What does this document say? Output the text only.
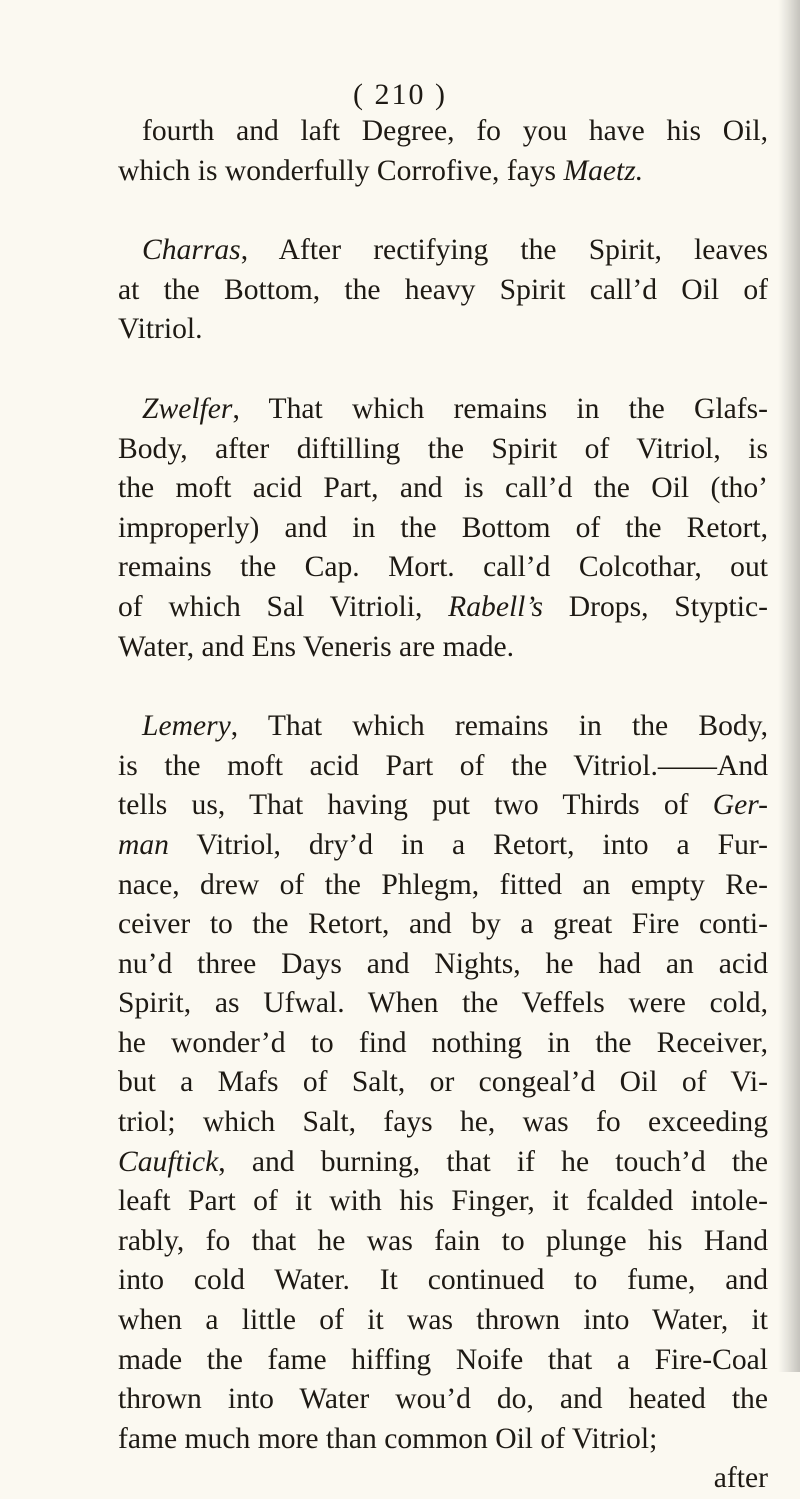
( 210 )
fourth and laft Degree, fo you have his Oil,
which is wonderfully Corrofive, fays Maetz.
Charras, After rectifying the Spirit, leaves
at the Bottom, the heavy Spirit call’d Oil of
Vitriol.
Zwelfer, That which remains in the Glafs-
Body, after diftilling the Spirit of Vitriol, is
the moft acid Part, and is call’d the Oil (tho’
improperly) and in the Bottom of the Retort,
remains the Cap. Mort. call’d Colcothar, out
of which Sal Vitrioli, Rabell’s Drops, Styptic-
Water, and Ens Veneris are made.
Lemery, That which remains in the Body,
is the moft acid Part of the Vitriol.——And
tells us, That having put two Thirds of Ger-
man Vitriol, dry’d in a Retort, into a Fur-
nace, drew of the Phlegm, fitted an empty Re-
ceiver to the Retort, and by a great Fire conti-
nu’d three Days and Nights, he had an acid
Spirit, as Ufwal. When the Veffels were cold,
he wonder’d to find nothing in the Receiver,
but a Mafs of Salt, or congeal’d Oil of Vi-
triol; which Salt, fays he, was fo exceeding
Cauftick, and burning, that if he touch’d the
leaft Part of it with his Finger, it fcalded intole-
rably, fo that he was fain to plunge his Hand
into cold Water. It continued to fume, and
when a little of it was thrown into Water, it
made the fame hiffing Noife that a Fire-Coal
thrown into Water wou’d do, and heated the
fame much more than common Oil of Vitriol;
after
